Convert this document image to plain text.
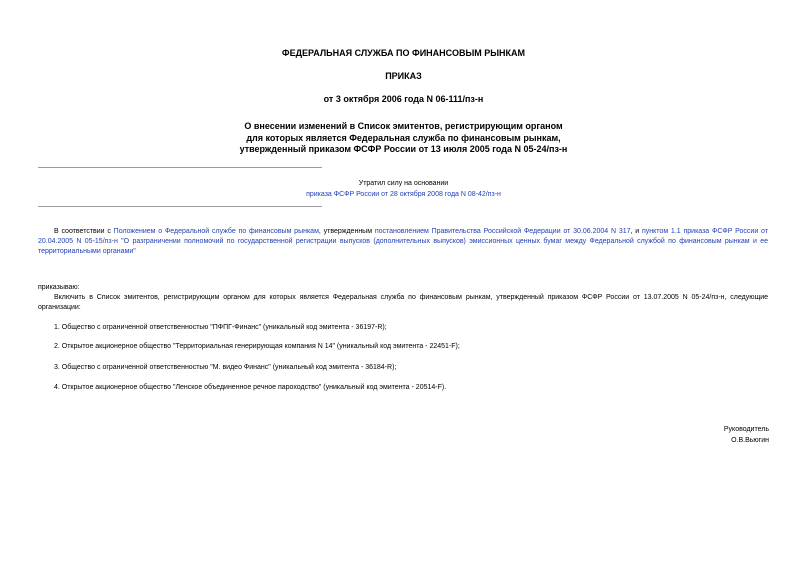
ФЕДЕРАЛЬНАЯ СЛУЖБА ПО ФИНАНСОВЫМ РЫНКАМ
ПРИКАЗ
от 3 октября 2006 года N 06-111/пз-н
О внесении изменений в Список эмитентов, регистрирующим органом
для которых является Федеральная служба по финансовым рынкам,
утвержденный приказом ФСФР России от 13 июля 2005 года N 05-24/пз-н
Утратил силу на основании
приказа ФСФР России от 28 октября 2008 года N 08-42/пз-н
В соответствии с Положением о Федеральной службе по финансовым рынкам, утвержденным постановлением Правительства Российской Федерации от 30.06.2004 N 317, и пунктом 1.1 приказа ФСФР России от 20.04.2005 N 05-15/пз-н "О разграничении полномочий по государственной регистрации выпусков (дополнительных выпусков) эмиссионных ценных бумаг между Федеральной службой по финансовым рынкам и ее территориальными органами"
приказываю:
Включить в Список эмитентов, регистрирующим органом для которых является Федеральная служба по финансовым рынкам, утвержденный приказом ФСФР России от 13.07.2005 N 05-24/пз-н, следующие организации:
1. Общество с ограниченной ответственностью "ПФПГ-Финанс" (уникальный код эмитента - 36197-R);
2. Открытое акционерное общество "Территориальная генерирующая компания N 14" (уникальный код эмитента - 22451-F);
3. Общество с ограниченной ответственностью "М. видео Финанс" (уникальный код эмитента - 36184-R);
4. Открытое акционерное общество "Ленское объединенное речное пароходство" (уникальный код эмитента - 20514-F).
Руководитель
О.В.Вьюгин
